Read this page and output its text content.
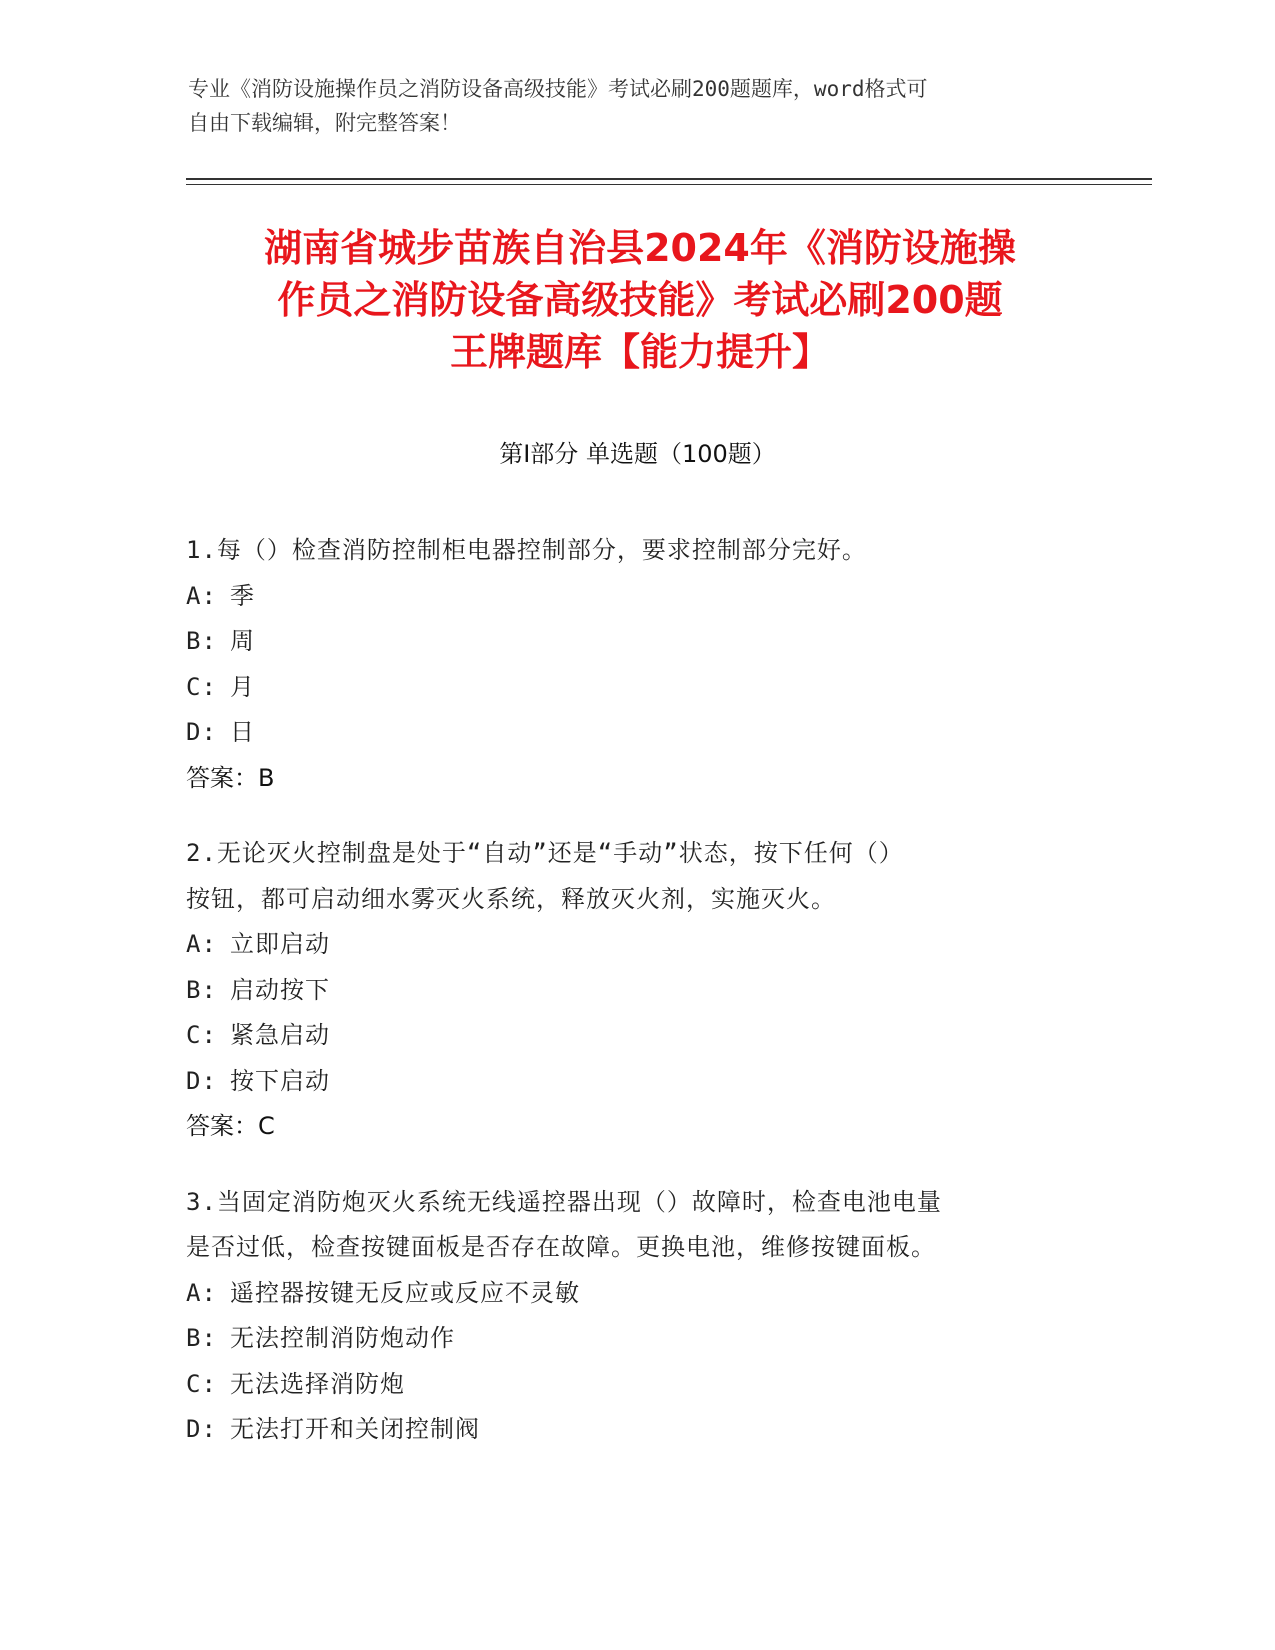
专业《消防设施操作员之消防设备高级技能》考试必刷200题题库，word格式可
自由下载编辑，附完整答案！
湖南省城步苗族自治县2024年《消防设施操
作员之消防设备高级技能》考试必刷200题
王牌题库【能力提升】
第Ⅰ部分 单选题（100题）
1.每（）检查消防控制柜电器控制部分，要求控制部分完好。
A: 季
B: 周
C: 月
D: 日
答案：B
2.无论灭火控制盘是处于“自动”还是“手动”状态，按下任何（）
按钮，都可启动细水雾灭火系统，释放灭火剂，实施灭火。
A: 立即启动
B: 启动按下
C: 紧急启动
D: 按下启动
答案：C
3.当固定消防炮灭火系统无线遥控器出现（）故障时，检查电池电量
是否过低，检查按键面板是否存在故障。更换电池，维修按键面板。
A: 遥控器按键无反应或反应不灵敏
B: 无法控制消防炮动作
C: 无法选择消防炮
D: 无法打开和关闭控制阀
